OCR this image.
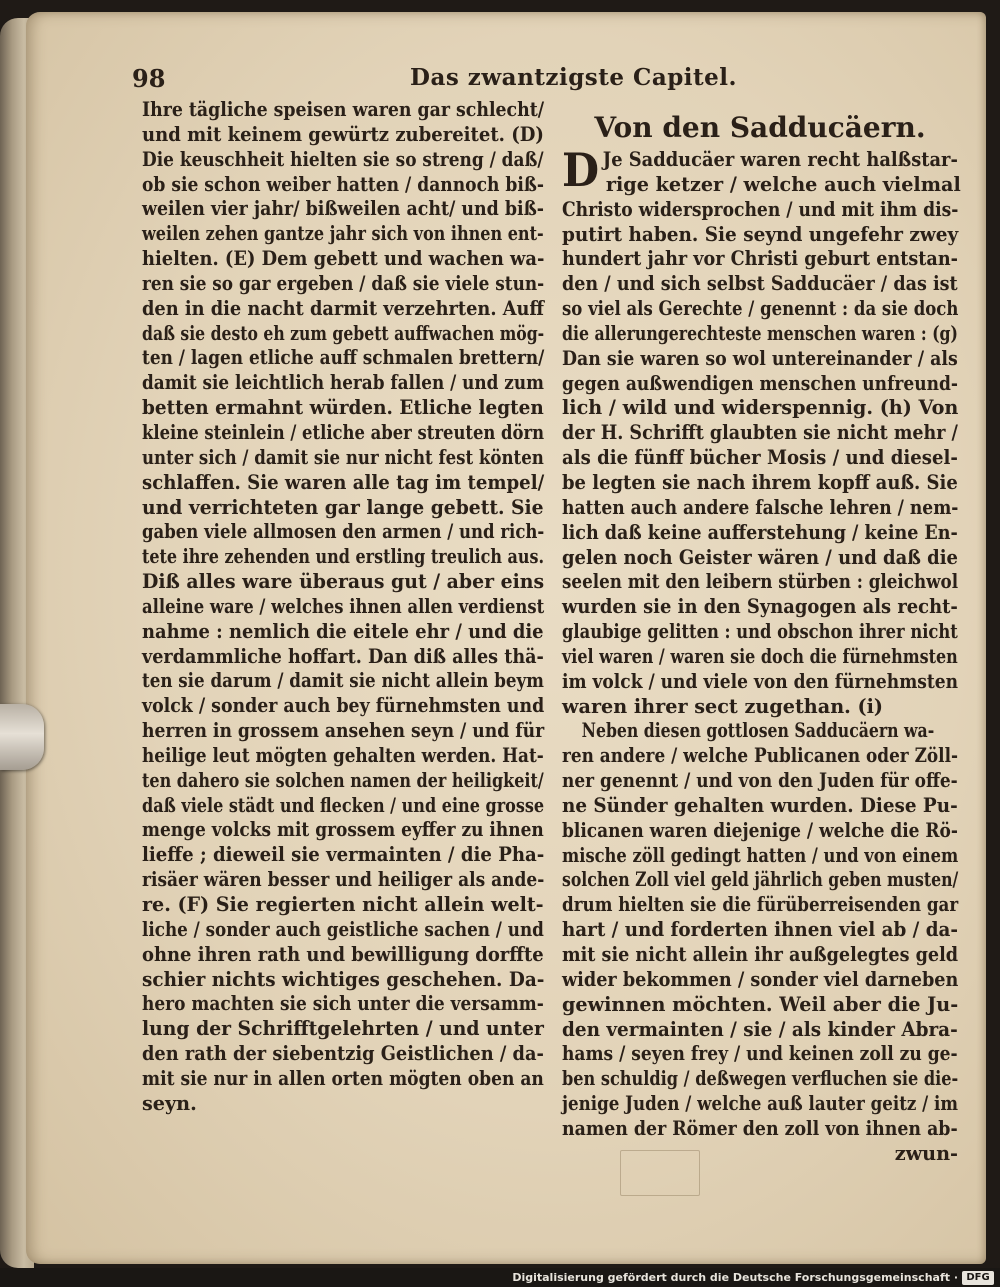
98	Das zwantzigste Capitel.
Ihre tägliche speisen waren gar schlecht/
und mit keinem gewürtz zubereitet. (D)
Die keuschheit hielten sie so streng / daß/
ob sie schon weiber hatten / dannoch biß-
weilen vier jahr/ bißweilen acht/ und biß-
weilen zehen gantze jahr sich von ihnen ent-
hielten. (E) Dem gebett und wachen wa-
ren sie so gar ergeben / daß sie viele stun-
den in die nacht darmit verzehrten. Auff
daß sie desto eh zum gebett auffwachen mög-
ten / lagen etliche auff schmalen brettern/
damit sie leichtlich herab fallen / und zum
betten ermahnt würden. Etliche legten
kleine steinlein / etliche aber streuten dörn
unter sich / damit sie nur nicht fest könten
schlaffen. Sie waren alle tag im tempel/
und verrichteten gar lange gebett. Sie
gaben viele allmosen den armen / und rich-
tete ihre zehenden und erstling treulich aus.
Diß alles ware überaus gut / aber eins
alleine ware / welches ihnen allen verdienst
nahme : nemlich die eitele ehr / und die
verdammliche hoffart. Dan diß alles thä-
ten sie darum / damit sie nicht allein beym
volck / sonder auch bey fürnehmsten und
herren in grossem ansehen seyn / und für
heilige leut mögten gehalten werden. Hat-
ten dahero sie solchen namen der heiligkeit/
daß viele städt und flecken / und eine grosse
menge volcks mit grossem eyffer zu ihnen
lieffe ; dieweil sie vermainten / die Pha-
risäer wären besser und heiliger als ande-
re. (F) Sie regierten nicht allein welt-
liche / sonder auch geistliche sachen / und
ohne ihren rath und bewilligung dorffte
schier nichts wichtiges geschehen. Da-
hero machten sie sich unter die versamm-
lung der Schrifftgelehrten / und unter
den rath der siebentzig Geistlichen / da-
mit sie nur in allen orten mögten oben an
seyn.
Von den Sadducäern.
D Je Sadducäer waren recht halßstar-
rige ketzer / welche auch vielmal
Christo widersprochen / und mit ihm dis-
putirt haben. Sie seynd ungefehr zwey
hundert jahr vor Christi geburt entstan-
den / und sich selbst Sadducäer / das ist
so viel als Gerechte / genennt : da sie doch
die allerungerechteste menschen waren : (g)
Dan sie waren so wol untereinander / als
gegen außwendigen menschen unfreund-
lich / wild und widerspennig. (h) Von
der H. Schrifft glaubten sie nicht mehr /
als die fünff bücher Mosis / und diesel-
be legten sie nach ihrem kopff auß. Sie
hatten auch andere falsche lehren / nem-
lich daß keine aufferstehung / keine En-
gelen noch Geister wären / und daß die
seelen mit den leibern stürben : gleichwol
wurden sie in den Synagogen als recht-
glaubige gelitten : und obschon ihrer nicht
viel waren / waren sie doch die fürnehmsten
im volck / und viele von den fürnehmsten
waren ihrer sect zugethan. (i)
Neben diesen gottlosen Sadducäern wa-
ren andere / welche Publicanen oder Zöll-
ner genennt / und von den Juden für offe-
ne Sünder gehalten wurden. Diese Pu-
blicanen waren diejenige / welche die Rö-
mische zöll gedingt hatten / und von einem
solchen Zoll viel geld jährlich geben musten/
drum hielten sie die fürüberreisenden gar
hart / und forderten ihnen viel ab / da-
mit sie nicht allein ihr außgelegtes geld
wider bekommen / sonder viel darneben
gewinnen möchten. Weil aber die Ju-
den vermainten / sie / als kinder Abra-
hams / seyen frey / und keinen zoll zu ge-
ben schuldig / deßwegen verfluchen sie die-
jenige Juden / welche auß lauter geitz / im
namen der Römer den zoll von ihnen ab-
zwun-
Digitalisierung gefördert durch die Deutsche Forschungsgemeinschaft · DFG
